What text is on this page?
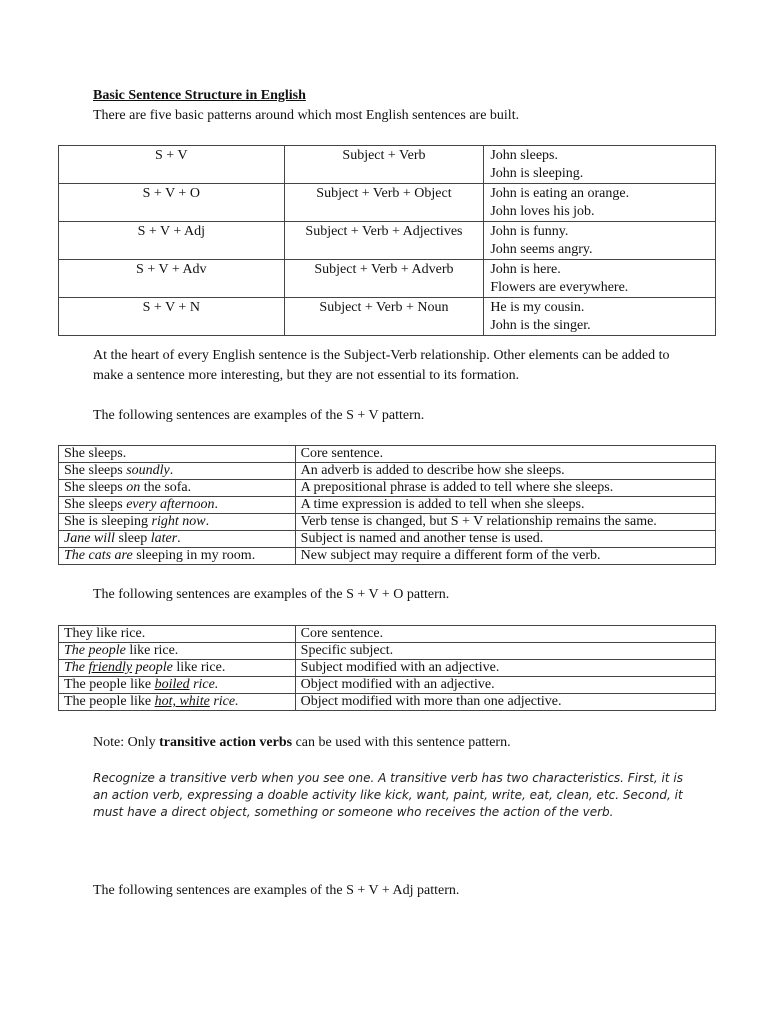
Basic Sentence Structure in English
There are five basic patterns around which most English sentences are built.
S + V	Subject + Verb	John sleeps.
John is sleeping.

S + V + O	Subject + Verb + Object	John is eating an orange.
John loves his job.

S + V + Adj	Subject + Verb + Adjectives	John is funny.
John seems angry.

S + V + Adv	Subject + Verb + Adverb	John is here.
Flowers are everywhere.

S + V + N	Subject + Verb + Noun	He is my cousin.
John is the singer.
At the heart of every English sentence is the Subject-Verb relationship. Other elements can be added to make a sentence more interesting, but they are not essential to its formation.
The following sentences are examples of the S + V pattern.
She sleeps.	Core sentence.
She sleeps soundly.	An adverb is added to describe how she sleeps.
She sleeps on the sofa.	A prepositional phrase is added to tell where she sleeps.
She sleeps every afternoon.	A time expression is added to tell when she sleeps.
She is sleeping right now.	Verb tense is changed, but S + V relationship remains the same.
Jane will sleep later.	Subject is named and another tense is used.
The cats are sleeping in my room.	New subject may require a different form of the verb.
The following sentences are examples of the S + V + O pattern.
They like rice.	Core sentence.
The people like rice.	Specific subject.
The friendly people like rice.	Subject modified with an adjective.
The people like boiled rice.	Object modified with an adjective.
The people like hot, white rice.	Object modified with more than one adjective.
Note: Only transitive action verbs can be used with this sentence pattern.
Recognize a transitive verb when you see one. A transitive verb has two characteristics. First, it is an action verb, expressing a doable activity like kick, want, paint, write, eat, clean, etc. Second, it must have a direct object, something or someone who receives the action of the verb.
The following sentences are examples of the S + V + Adj pattern.
